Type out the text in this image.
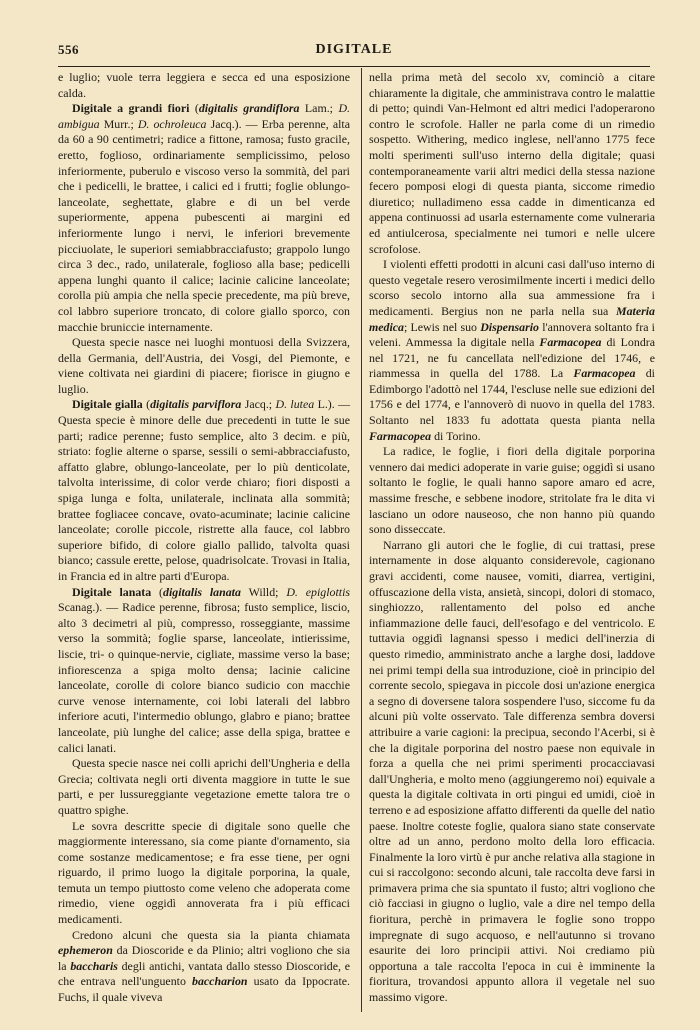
556	DIGITALE

e luglio; vuole terra leggiera e secca ed una esposizione calda.

Digitale a grandi fiori (digitalis grandiflora Lam.; D. ambigua Murr.; D. ochroleuca Jacq.). — Erba perenne, alta da 60 a 90 centimetri; radice a fittone, ramosa; fusto gracile, eretto, foglioso, ordinariamente semplicissimo, peloso inferiormente, puberulo e viscoso verso la sommità, del pari che i pedicelli, le brattee, i calici ed i frutti; foglie oblungo-lanceolate, seghettate, glabre e di un bel verde superiormente, appena pubescenti ai margini ed inferiormente lungo i nervi, le inferiori brevemente picciuolate, le superiori semiabbracciafusto; grappolo lungo circa 3 dec., rado, unilaterale, foglioso alla base; pedicelli appena lunghi quanto il calice; lacinie calicine lanceolate; corolla più ampia che nella specie precedente, ma più breve, col labbro superiore troncato, di colore giallo sporco, con macchie bruniccie internamente.

Questa specie nasce nei luoghi montuosi della Svizzera, della Germania, dell'Austria, dei Vosgi, del Piemonte, e viene coltivata nei giardini di piacere; fiorisce in giugno e luglio.

Digitale gialla (digitalis parviflora Jacq.; D. lutea L.). — Questa specie è minore delle due precedenti in tutte le sue parti; radice perenne; fusto semplice, alto 3 decim. e più, striato: foglie alterne o sparse, sessili o semi-abbracciafusto, affatto glabre, oblungo-lanceolate, per lo più denticolate, talvolta interissime, di color verde chiaro; fiori disposti a spiga lunga e folta, unilaterale, inclinata alla sommità; brattee fogliacee concave, ovato-acuminate; lacinie calicine lanceolate; corolle piccole, ristrette alla fauce, col labbro superiore bifido, di colore giallo pallido, talvolta quasi bianco; cassule erette, pelose, quadrisolcate. Trovasi in Italia, in Francia ed in altre parti d'Europa.

Digitale lanata (digitalis lanata Willd; D. epiglottis Scanag.). — Radice perenne, fibrosa; fusto semplice, liscio, alto 3 decimetri al più, compresso, rosseggiante, massime verso la sommità; foglie sparse, lanceolate, intierissime, liscie, tri- o quinque-nervie, cigliate, massime verso la base; infiorescenza a spiga molto densa; lacinie calicine lanceolate, corolle di colore bianco sudicio con macchie curve venose internamente, coi lobi laterali del labbro inferiore acuti, l'intermedio oblungo, glabro e piano; brattee lanceolate, più lunghe del calice; asse della spiga, brattee e calici lanati.

Questa specie nasce nei colli aprichi dell'Ungheria e della Grecia; coltivata negli orti diventa maggiore in tutte le sue parti, e per lussureggiante vegetazione emette talora tre o quattro spighe.

Le sovra descritte specie di digitale sono quelle che maggiormente interessano, sia come piante d'ornamento, sia come sostanze medicamentose; e fra esse tiene, per ogni riguardo, il primo luogo la digitale porporina, la quale, temuta un tempo piuttosto come veleno che adoperata come rimedio, viene oggidì annoverata fra i più efficaci medicamenti.

Credono alcuni che questa sia la pianta chiamata ephemeron da Dioscoride e da Plinio; altri vogliono che sia la baccharis degli antichi, vantata dallo stesso Dioscoride, e che entrava nell'unguento baccharion usato da Ippocrate. Fuchs, il quale viveva

nella prima metà del secolo xv, cominciò a citare chiaramente la digitale, che amministrava contro le malattie di petto; quindi Van-Helmont ed altri medici l'adoperarono contro le scrofole. Haller ne parla come di un rimedio sospetto. Withering, medico inglese, nell'anno 1775 fece molti sperimenti sull'uso interno della digitale; quasi contemporaneamente varii altri medici della stessa nazione fecero pomposi elogi di questa pianta, siccome rimedio diuretico; nulladimeno essa cadde in dimenticanza ed appena continuossi ad usarla esternamente come vulneraria ed antiulcerosa, specialmente nei tumori e nelle ulcere scrofolose.

I violenti effetti prodotti in alcuni casi dall'uso interno di questo vegetale resero verosimilmente incerti i medici dello scorso secolo intorno alla sua ammessione fra i medicamenti. Bergius non ne parla nella sua Materia medica; Lewis nel suo Dispensario l'annovera soltanto fra i veleni. Ammessa la digitale nella Farmacopea di Londra nel 1721, ne fu cancellata nell'edizione del 1746, e riammessa in quella del 1788. La Farmacopea di Edimborgo l'adottò nel 1744, l'escluse nelle sue edizioni del 1756 e del 1774, e l'annoverò di nuovo in quella del 1783. Soltanto nel 1833 fu adottata questa pianta nella Farmacopea di Torino.

La radice, le foglie, i fiori della digitale porporina vennero dai medici adoperate in varie guise; oggidì si usano soltanto le foglie, le quali hanno sapore amaro ed acre, massime fresche, e sebbene inodore, stritolate fra le dita vi lasciano un odore nauseoso, che non hanno più quando sono disseccate.

Narrano gli autori che le foglie, di cui trattasi, prese internamente in dose alquanto considerevole, cagionano gravi accidenti, come nausee, vomiti, diarrea, vertigini, offuscazione della vista, ansietà, sincopi, dolori di stomaco, singhiozzo, rallentamento del polso ed anche infiammazione delle fauci, dell'esofago e del ventricolo. E tuttavia oggidì lagnansi spesso i medici dell'inerzia di questo rimedio, amministrato anche a larghe dosi, laddove nei primi tempi della sua introduzione, cioè in principio del corrente secolo, spiegava in piccole dosi un'azione energica a segno di doversene talora sospendere l'uso, siccome fu da alcuni più volte osservato. Tale differenza sembra doversi attribuire a varie cagioni: la precipua, secondo l'Acerbi, si è che la digitale porporina del nostro paese non equivale in forza a quella che nei primi sperimenti procacciavasi dall'Ungheria, e molto meno (aggiungeremo noi) equivale a questa la digitale coltivata in orti pingui ed umidi, cioè in terreno e ad esposizione affatto differenti da quelle del natìo paese. Inoltre coteste foglie, qualora siano state conservate oltre ad un anno, perdono molto della loro efficacia. Finalmente la loro virtù è pur anche relativa alla stagione in cui si raccolgono: secondo alcuni, tale raccolta deve farsi in primavera prima che sia spuntato il fusto; altri vogliono che ciò facciasi in giugno o luglio, vale a dire nel tempo della fioritura, perchè in primavera le foglie sono troppo impregnate di sugo acquoso, e nell'autunno si trovano esaurite dei loro principii attivi. Noi crediamo più opportuna a tale raccolta l'epoca in cui è imminente la fioritura, trovandosi appunto allora il vegetale nel suo massimo vigore.
